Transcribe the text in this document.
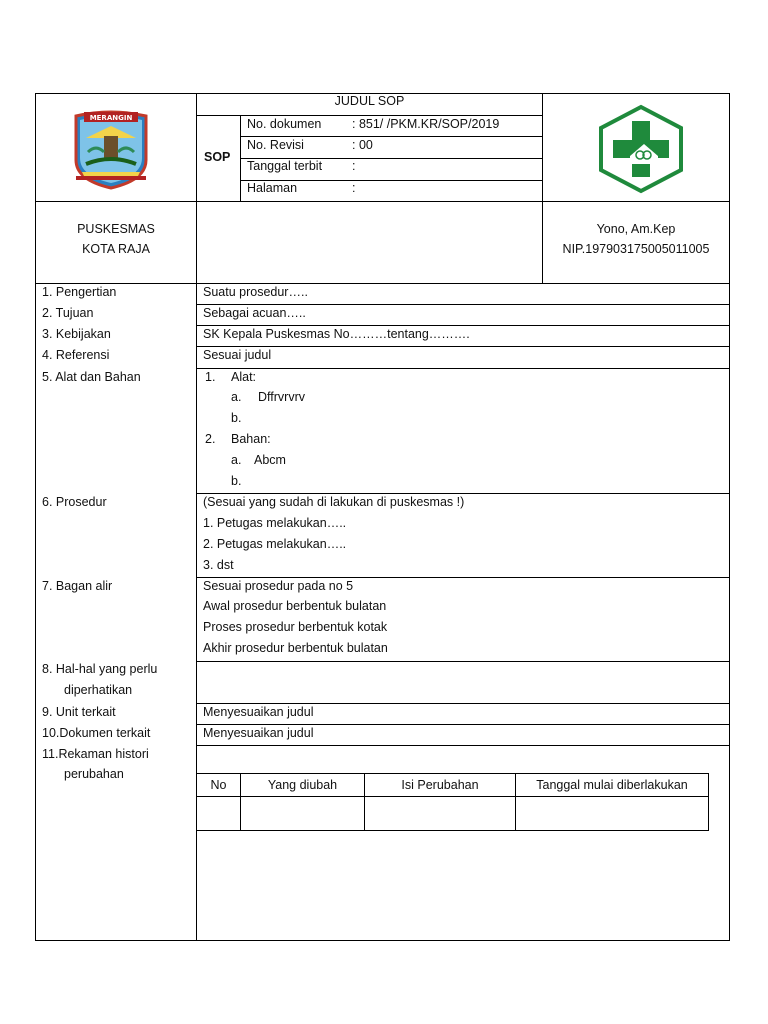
MERANGIN
JUDUL SOP
SOP
No. dokumen : 851/ /PKM.KR/SOP/2019
No. Revisi	: 00
Tanggal terbit :
Halaman	:
PUSKESMAS
KOTA RAJA
Yono, Am.Kep
NIP.197903175005011005
1. Pengertian	Suatu prosedur…..
2. Tujuan	Sebagai acuan…..
3. Kebijakan	SK Kepala Puskesmas No………tentang……….
4. Referensi	Sesuai judul
5. Alat dan Bahan	1. Alat:
a. Dffrvrvrv
b.
2. Bahan:
a. Abcm
b.
6. Prosedur	(Sesuai yang sudah di lakukan di puskesmas !)
1. Petugas melakukan…..
2. Petugas melakukan…..
3. dst
7. Bagan alir	Sesuai prosedur pada no 5
Awal prosedur berbentuk bulatan
Proses prosedur berbentuk kotak
Akhir prosedur berbentuk bulatan
8. Hal-hal yang perlu
diperhatikan
9. Unit terkait	Menyesuaikan judul
10.Dokumen terkait	Menyesuaikan judul
11.Rekaman histori
perubahan
No	Yang diubah	Isi Perubahan	Tanggal mulai diberlakukan
